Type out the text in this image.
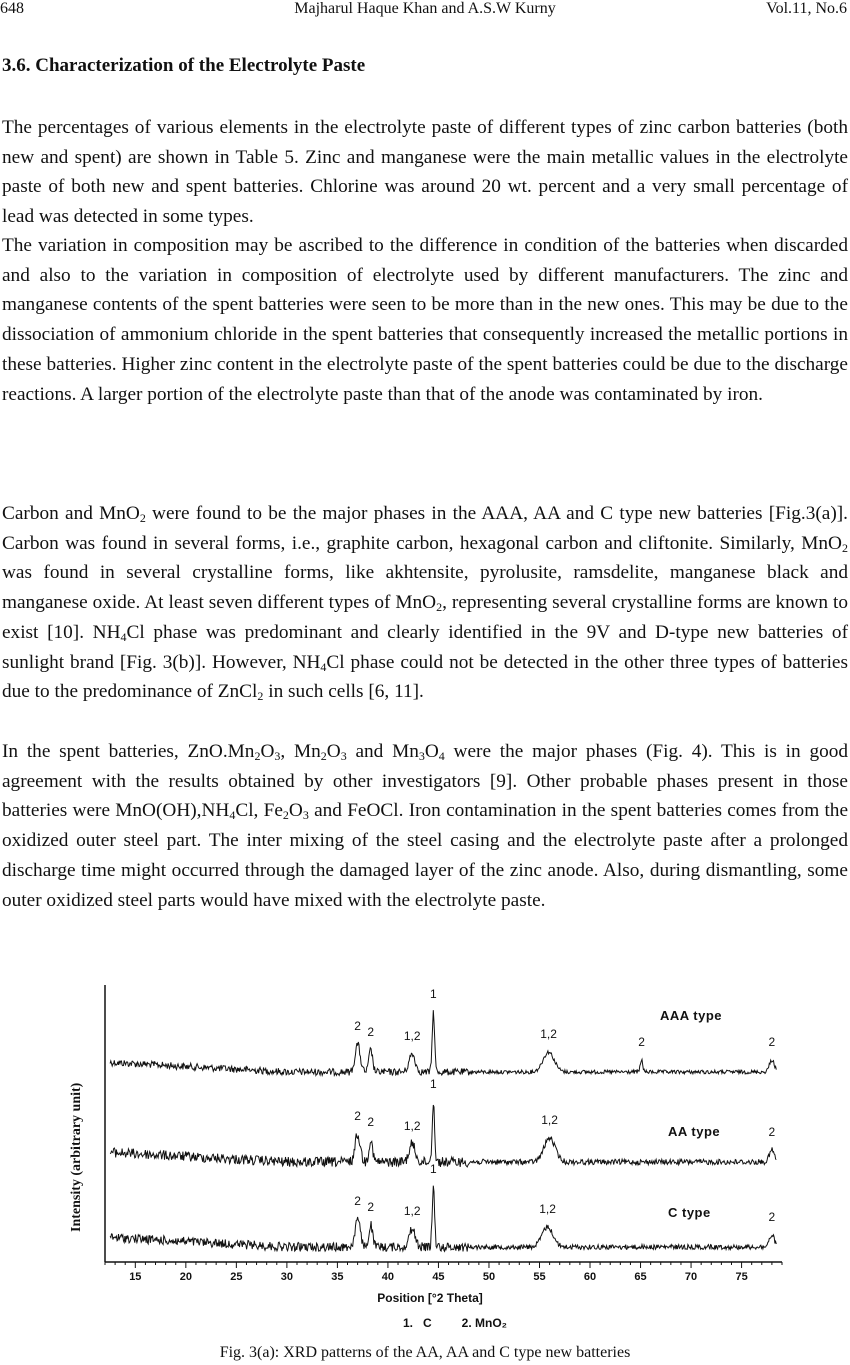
648	Majharul Haque Khan and A.S.W Kurny	Vol.11, No.6
3.6. Characterization of the Electrolyte Paste

The percentages of various elements in the electrolyte paste of different types of zinc carbon batteries (both new and spent) are shown in Table 5. Zinc and manganese were the main metallic values in the electrolyte paste of both new and spent batteries. Chlorine was around 20 wt. percent and a very small percentage of lead was detected in some types.

The variation in composition may be ascribed to the difference in condition of the batteries when discarded and also to the variation in composition of electrolyte used by different manufacturers. The zinc and manganese contents of the spent batteries were seen to be more than in the new ones. This may be due to the dissociation of ammonium chloride in the spent batteries that consequently increased the metallic portions in these batteries. Higher zinc content in the electrolyte paste of the spent batteries could be due to the discharge reactions. A larger portion of the electrolyte paste than that of the anode was contaminated by iron.

Carbon and MnO$_2$ were found to be the major phases in the AAA, AA and C type new batteries [Fig.3(a)]. Carbon was found in several forms, i.e., graphite carbon, hexagonal carbon and cliftonite. Similarly, MnO$_2$ was found in several crystalline forms, like akhtensite, pyrolusite, ramsdelite, manganese black and manganese oxide. At least seven different types of MnO$_2$, representing several crystalline forms are known to exist [10]. $NH_4Cl$ phase was predominant and clearly identified in the 9V and D-type new batteries of sunlight brand [Fig. 3(b)]. However, $NH_4Cl$ phase could not be detected in the other three types of batteries due to the predominance of ZnCl$_2$ in such cells [6, 11].

In the spent batteries, $ZnO.Mn_2O_3$, $Mn_2O_3$ and $Mn_3O_4$ were the major phases (Fig. 4). This is in good agreement with the results obtained by other investigators [9]. Other probable phases present in those batteries were $MnO(OH),NH_4Cl$, $Fe_2O_3$ and FeOCl. Iron contamination in the spent batteries comes from the oxidized outer steel part. The inter mixing of the steel casing and the electrolyte paste after a prolonged discharge time might occurred through the damaged layer of the zinc anode. Also, during dismantling, some outer oxidized steel parts would have mixed with the electrolyte paste.

Intensity (arbitrary unit)
15	20	25	30	35	40	45	50	55	60	65	70	75
AAA type
2 2 1,2
1
1,2
2	2
AA type
2 2 1,2
1
1,2
2
C type
2 2 1,2
1
1,2
2
Position [°2 Theta]
1.   C         2. MnO₂
Fig. 3(a): XRD patterns of the AA, AA and C type new batteries
